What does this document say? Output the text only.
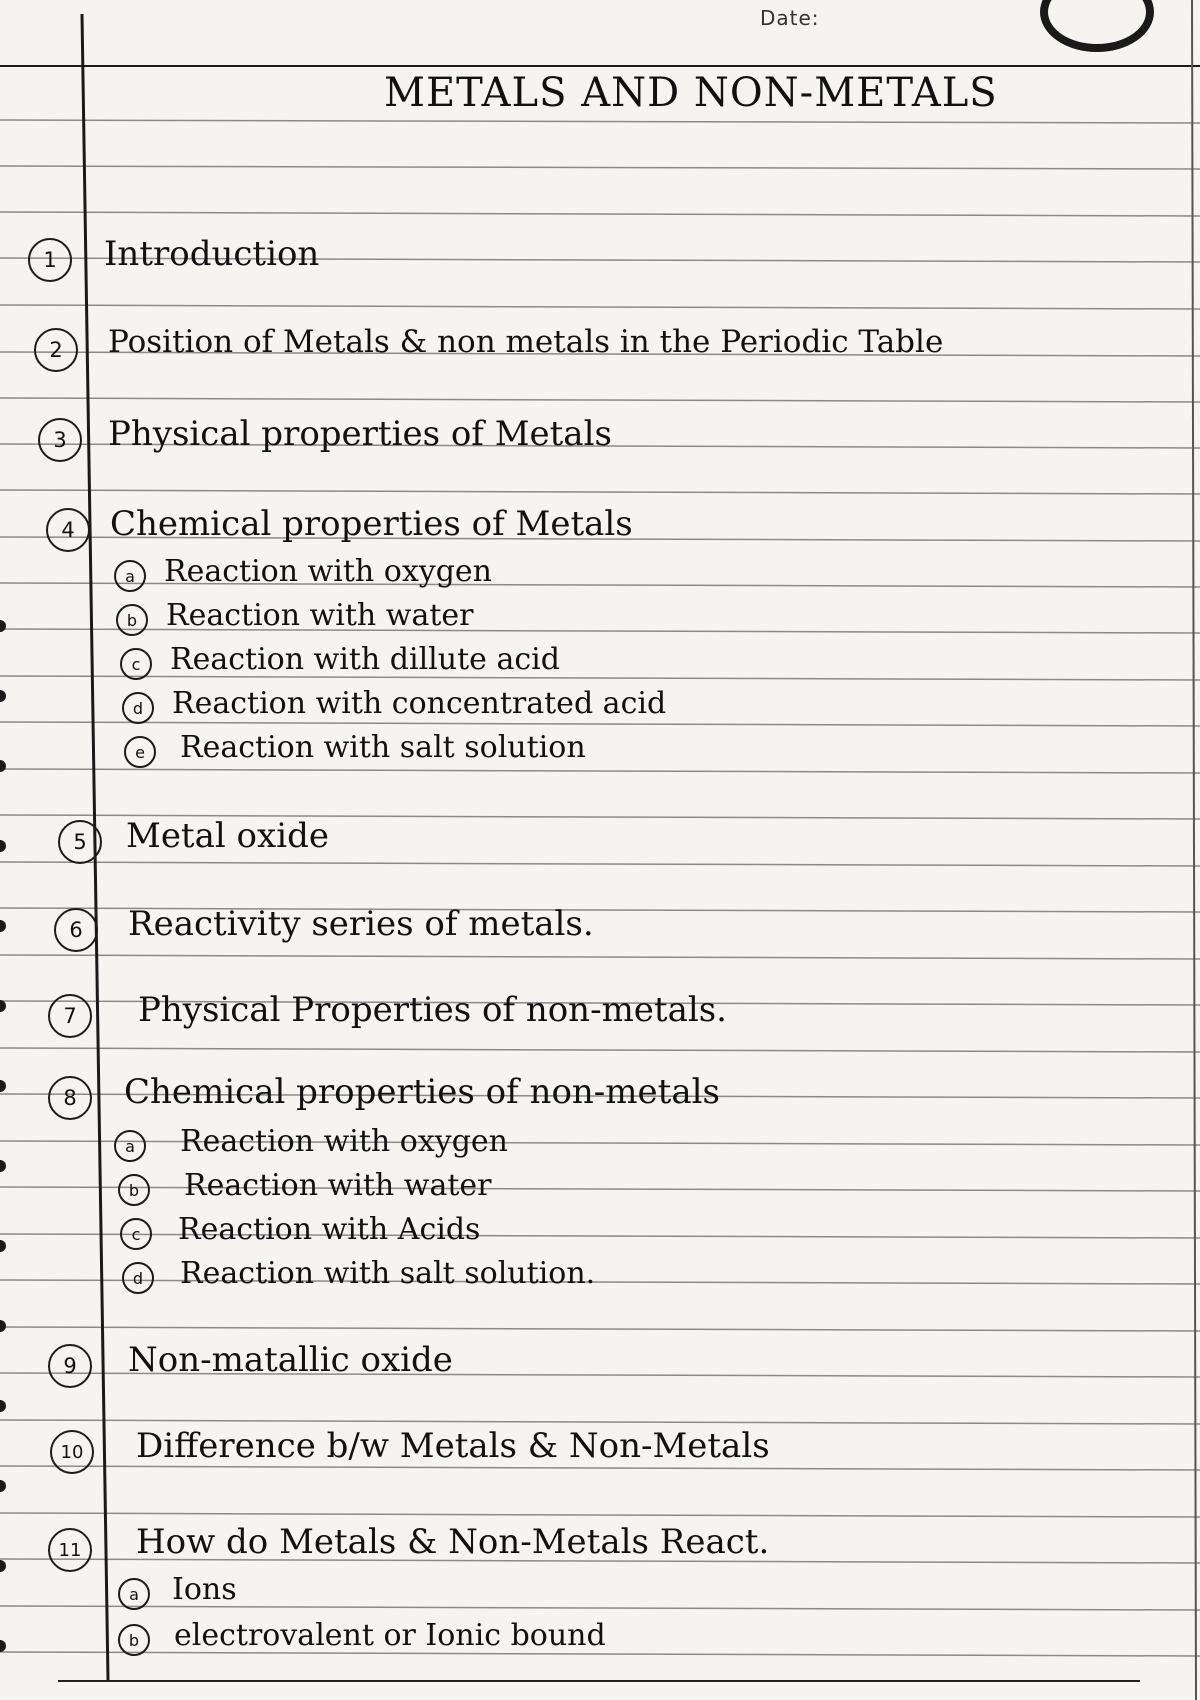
Date:
METALS AND NON-METALS
1	Introduction
2	Position of Metals & non metals in the Periodic Table
3	Physical properties of Metals
4	Chemical properties of Metals
a Reaction with oxygen
b Reaction with water
c Reaction with dillute acid
d Reaction with concentrated acid
e	Reaction with salt solution
5	Metal oxide
6	Reactivity series of metals.
7	Physical Properties of non-metals.
8	Chemical properties of non-metals
a	Reaction with oxygen
b	Reaction with water
c	Reaction with Acids
d	Reaction with salt solution.
9	Non-matallic oxide
10	Difference b/w Metals & Non-Metals
11	How do Metals & Non-Metals React.
a	Ions
b	electrovalent or Ionic bound
